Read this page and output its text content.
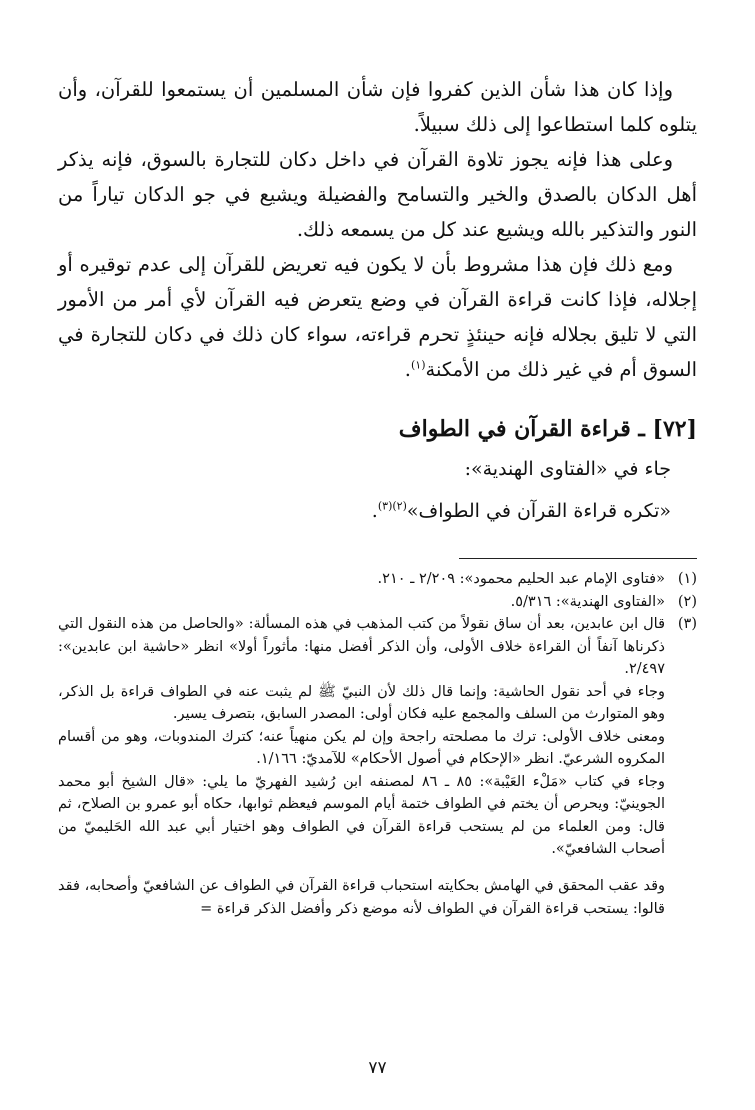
وإذا كان هذا شأن الذين كفروا فإن شأن المسلمين أن يستمعوا للقرآن، وأن يتلوه كلما استطاعوا إلى ذلك سبيلاً.

وعلى هذا فإنه يجوز تلاوة القرآن في داخل دكان للتجارة بالسوق، فإنه يذكر أهل الدكان بالصدق والخير والتسامح والفضيلة ويشيع في جو الدكان تياراً من النور والتذكير بالله ويشيع عند كل من يسمعه ذلك.

ومع ذلك فإن هذا مشروط بأن لا يكون فيه تعريض للقرآن إلى عدم توقيره أو إجلاله، فإذا كانت قراءة القرآن في وضع يتعرض فيه القرآن لأي أمر من الأمور التي لا تليق بجلاله فإنه حينئذٍ تحرم قراءته، سواء كان ذلك في دكان للتجارة في السوق أم في غير ذلك من الأمكنة$^{(١)}$.

[٧٢] ـ قراءة القرآن في الطواف

جاء في «الفتاوى الهندية»:

«تكره قراءة القرآن في الطواف»$^{(٢)(٣)}$.

(١)
«فتاوى الإمام عبد الحليم محمود»: ٢/٢٠٩ ـ ٢١٠.
(٢)
«الفتاوى الهندية»: ٥/٣١٦.
(٣)

قال ابن عابدين، بعد أن ساق نقولاً من كتب المذهب في هذه المسألة: «والحاصل من هذه النقول التي ذكرناها آنفاً أن القراءة خلاف الأولى، وأن الذكر أفضل منها: مأثوراً أولا» انظر «حاشية ابن عابدين»: ٢/٤٩٧.

وجاء في أحد نقول الحاشية: وإنما قال ذلك لأن النبيّ ﷺ لم يثبت عنه في الطواف قراءة بل الذكر، وهو المتوارث من السلف والمجمع عليه فكان أولى: المصدر السابق، بتصرف يسير.

ومعنى خلاف الأولى: ترك ما مصلحته راجحة وإن لم يكن منهياً عنه؛ كترك المندوبات، وهو من أقسام المكروه الشرعيّ. انظر «الإحكام في أصول الأحكام» للآمديّ: ١/١٦٦.

وجاء في كتاب «مَلْء العَيْبة»: ٨٥ ـ ٨٦ لمصنفه ابن رُشيد الفهريّ ما يلي: «قال الشيخ أبو محمد الجوينيّ: ويحرص أن يختم في الطواف ختمة أيام الموسم فيعظم ثوابها، حكاه أبو عمرو بن الصلاح، ثم قال: ومن العلماء من لم يستحب قراءة القرآن في الطواف وهو اختيار أبي عبد الله الحَليميّ من أصحاب الشافعيّ».

وقد عقب المحقق في الهامش بحكايته استحباب قراءة القرآن في الطواف عن الشافعيّ وأصحابه، فقد قالوا: يستحب قراءة القرآن في الطواف لأنه موضع ذكر وأفضل الذكر قراءة =

٧٧
